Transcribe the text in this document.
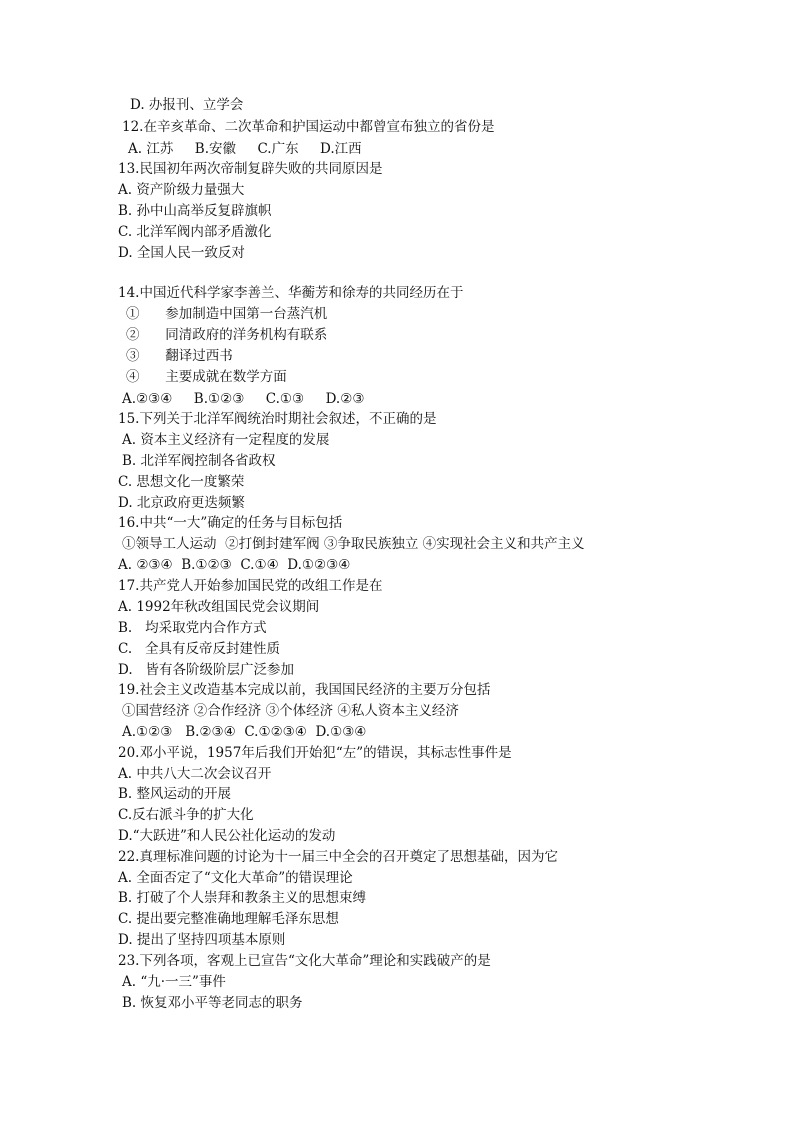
D. 办报刊、立学会
12.在辛亥革命、二次革命和护国运动中都曾宣布独立的省份是
A. 江苏     B.安徽     C.广东     D.江西
13.民国初年两次帝制复辟失败的共同原因是
A. 资产阶级力量强大
B. 孙中山高举反复辟旗帜
C. 北洋军阀内部矛盾激化
D. 全国人民一致反对
14.中国近代科学家李善兰、华蘅芳和徐寿的共同经历在于
①      参加制造中国第一台蒸汽机
②      同清政府的洋务机构有联系
③      翻译过西书
④      主要成就在数学方面
A.②③④     B.①②③     C.①③     D.②③
15.下列关于北洋军阀统治时期社会叙述，不正确的是
A. 资本主义经济有一定程度的发展
B. 北洋军阀控制各省政权
C. 思想文化一度繁荣
D. 北京政府更迭频繁
16.中共“一大”确定的任务与目标包括
①领导工人运动  ②打倒封建军阀 ③争取民族独立 ④实现社会主义和共产主义
A. ②③④  B.①②③  C.①④  D.①②③④
17.共产党人开始参加国民党的改组工作是在
A. 1992年秋改组国民党会议期间
B.   均采取党内合作方式
C.   全具有反帝反封建性质
D.   皆有各阶级阶层广泛参加
19.社会主义改造基本完成以前，我国国民经济的主要万分包括
①国营经济 ②合作经济 ③个体经济 ④私人资本主义经济
A.①②③   B.②③④  C.①②③④  D.①③④
20.邓小平说，1957年后我们开始犯“左”的错误，其标志性事件是
A. 中共八大二次会议召开
B. 整风运动的开展
C.反右派斗争的扩大化
D.“大跃进”和人民公社化运动的发动
22.真理标准问题的讨论为十一届三中全会的召开奠定了思想基础，因为它
A. 全面否定了“文化大革命”的错误理论
B. 打破了个人崇拜和教条主义的思想束缚
C. 提出要完整准确地理解毛泽东思想
D. 提出了坚持四项基本原则
23.下列各项，客观上已宣告“文化大革命”理论和实践破产的是
A. “九·一三”事件
B. 恢复邓小平等老同志的职务
